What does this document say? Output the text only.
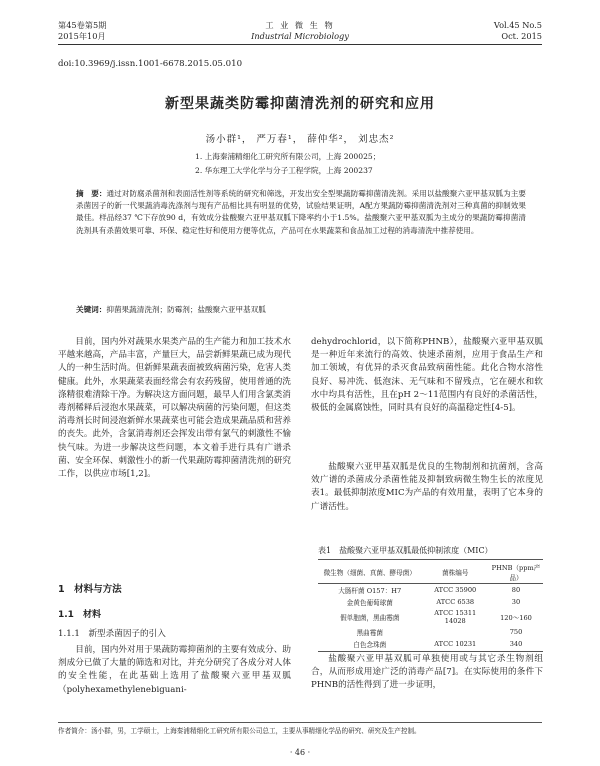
第45卷第5期
2015年10月
工 业 微 生 物
Industrial Microbiology
Vol.45 No.5
Oct. 2015
doi:10.3969/j.issn.1001-6678.2015.05.010
新型果蔬类防霉抑菌清洗剂的研究和应用
汤小群¹， 严万春¹， 薛仲华²， 刘忠杰²
1. 上海秦浦精细化工研究所有限公司，上海 200025；
2. 华东理工大学化学与分子工程学院，上海 200237
摘　要：通过对防腐杀菌剂和表面活性剂等系统的研究和筛选，开发出安全型果蔬防霉抑菌清洗剂。采用以盐酸聚六亚甲基双胍为主要杀菌因子的新一代果蔬消毒洗涤剂与现有产品相比具有明显的优势，试验结果证明，A配方果蔬防霉抑菌清洗剂对三种真菌的抑制效果最佳。样品经37 ℃下存放90 d，有效成分盐酸聚六亚甲基双胍下降率约小于1.5%。盐酸聚六亚甲基双胍为主成分的果蔬防霉抑菌清洗剂具有杀菌效果可靠、环保、稳定性好和使用方便等优点，产品可在水果蔬菜和食品加工过程的消毒清洗中推荐使用。
关键词：抑菌果蔬清洗剂；防霉剂；盐酸聚六亚甲基双胍
目前，国内外对蔬果水果类产品的生产能力和加工技术水平越来越高，产品丰富，产量巨大，品尝新鲜果蔬已成为现代人的一种生活时尚。但新鲜果蔬表面被致病菌污染，危害人类健康。此外，水果蔬菜表面经常会有农药残留，使用普通的洗涤精很难清除干净。为解决这方面问题，最早人们用含氯类消毒剂稀释后浸泡水果蔬菜，可以解决病菌的污染问题，但这类消毒剂长时间浸泡新鲜水果蔬菜也可能会造成果蔬品质和营养的丧失。此外，含氯消毒剂还会挥发出带有氯气的刺激性不愉快气味。为进一步解决这些问题，本文着手进行具有广谱杀菌、安全环保、刺激性小的新一代果蔬防霉抑菌清洗剂的研究工作，以供应市场[1,2]。
1　材料与方法
1.1　材料
1.1.1　新型杀菌因子的引入
目前，国内外对用于果蔬防霉抑菌剂的主要有效成分、助剂成分已做了大量的筛选和对比，并充分研究了各成分对人体的安全性能，在此基础上选用了盐酸聚六亚甲基双胍（polyhexamethylenebiguani-
dehydrochlorid，以下简称PHNB），盐酸聚六亚甲基双胍是一种近年来流行的高效、快速杀菌剂，应用于食品生产和加工领域，有优异的杀灭食品致病菌性能。此化合物水溶性良好、易冲洗、低泡沫、无气味和不留残点，它在硬水和软水中均具有活性，且在pH 2～11范围内有良好的杀菌活性，极低的金属腐蚀性，同时具有良好的高温稳定性[4-5]。
盐酸聚六亚甲基双胍是优良的生物制剂和抗菌剂，含高效广谱的杀菌成分杀菌性能及抑制致病微生物生长的浓度见表1。最低抑制浓度MIC为产品的有效用量，表明了它本身的广谱活性。
表1　盐酸聚六亚甲基双胍最低抑制浓度（MIC）
微生物（细菌、真菌、酵母菌）	菌株编号	PHNB（ppm产品）

大肠杆菌 O157：H7	ATCC 35900	80
金黄色葡萄球菌	ATCC 6538	30
假单胞菌，黑曲霉菌	ATCC 15311 14028	120～160
黑曲霉菌		750
白色念珠菌	ATCC 10231	340
盐酸聚六亚甲基双胍可单独使用或与其它杀生物剂组合，从而形成用途广泛的消毒产品[7]。在实际使用的条件下PHNB的活性得到了进一步证明，
作者简介：汤小群，男，工学硕士，上海秦浦精细化工研究所有限公司总工，主要从事精细化学品的研究、研究及生产控制。
· 46 ·
